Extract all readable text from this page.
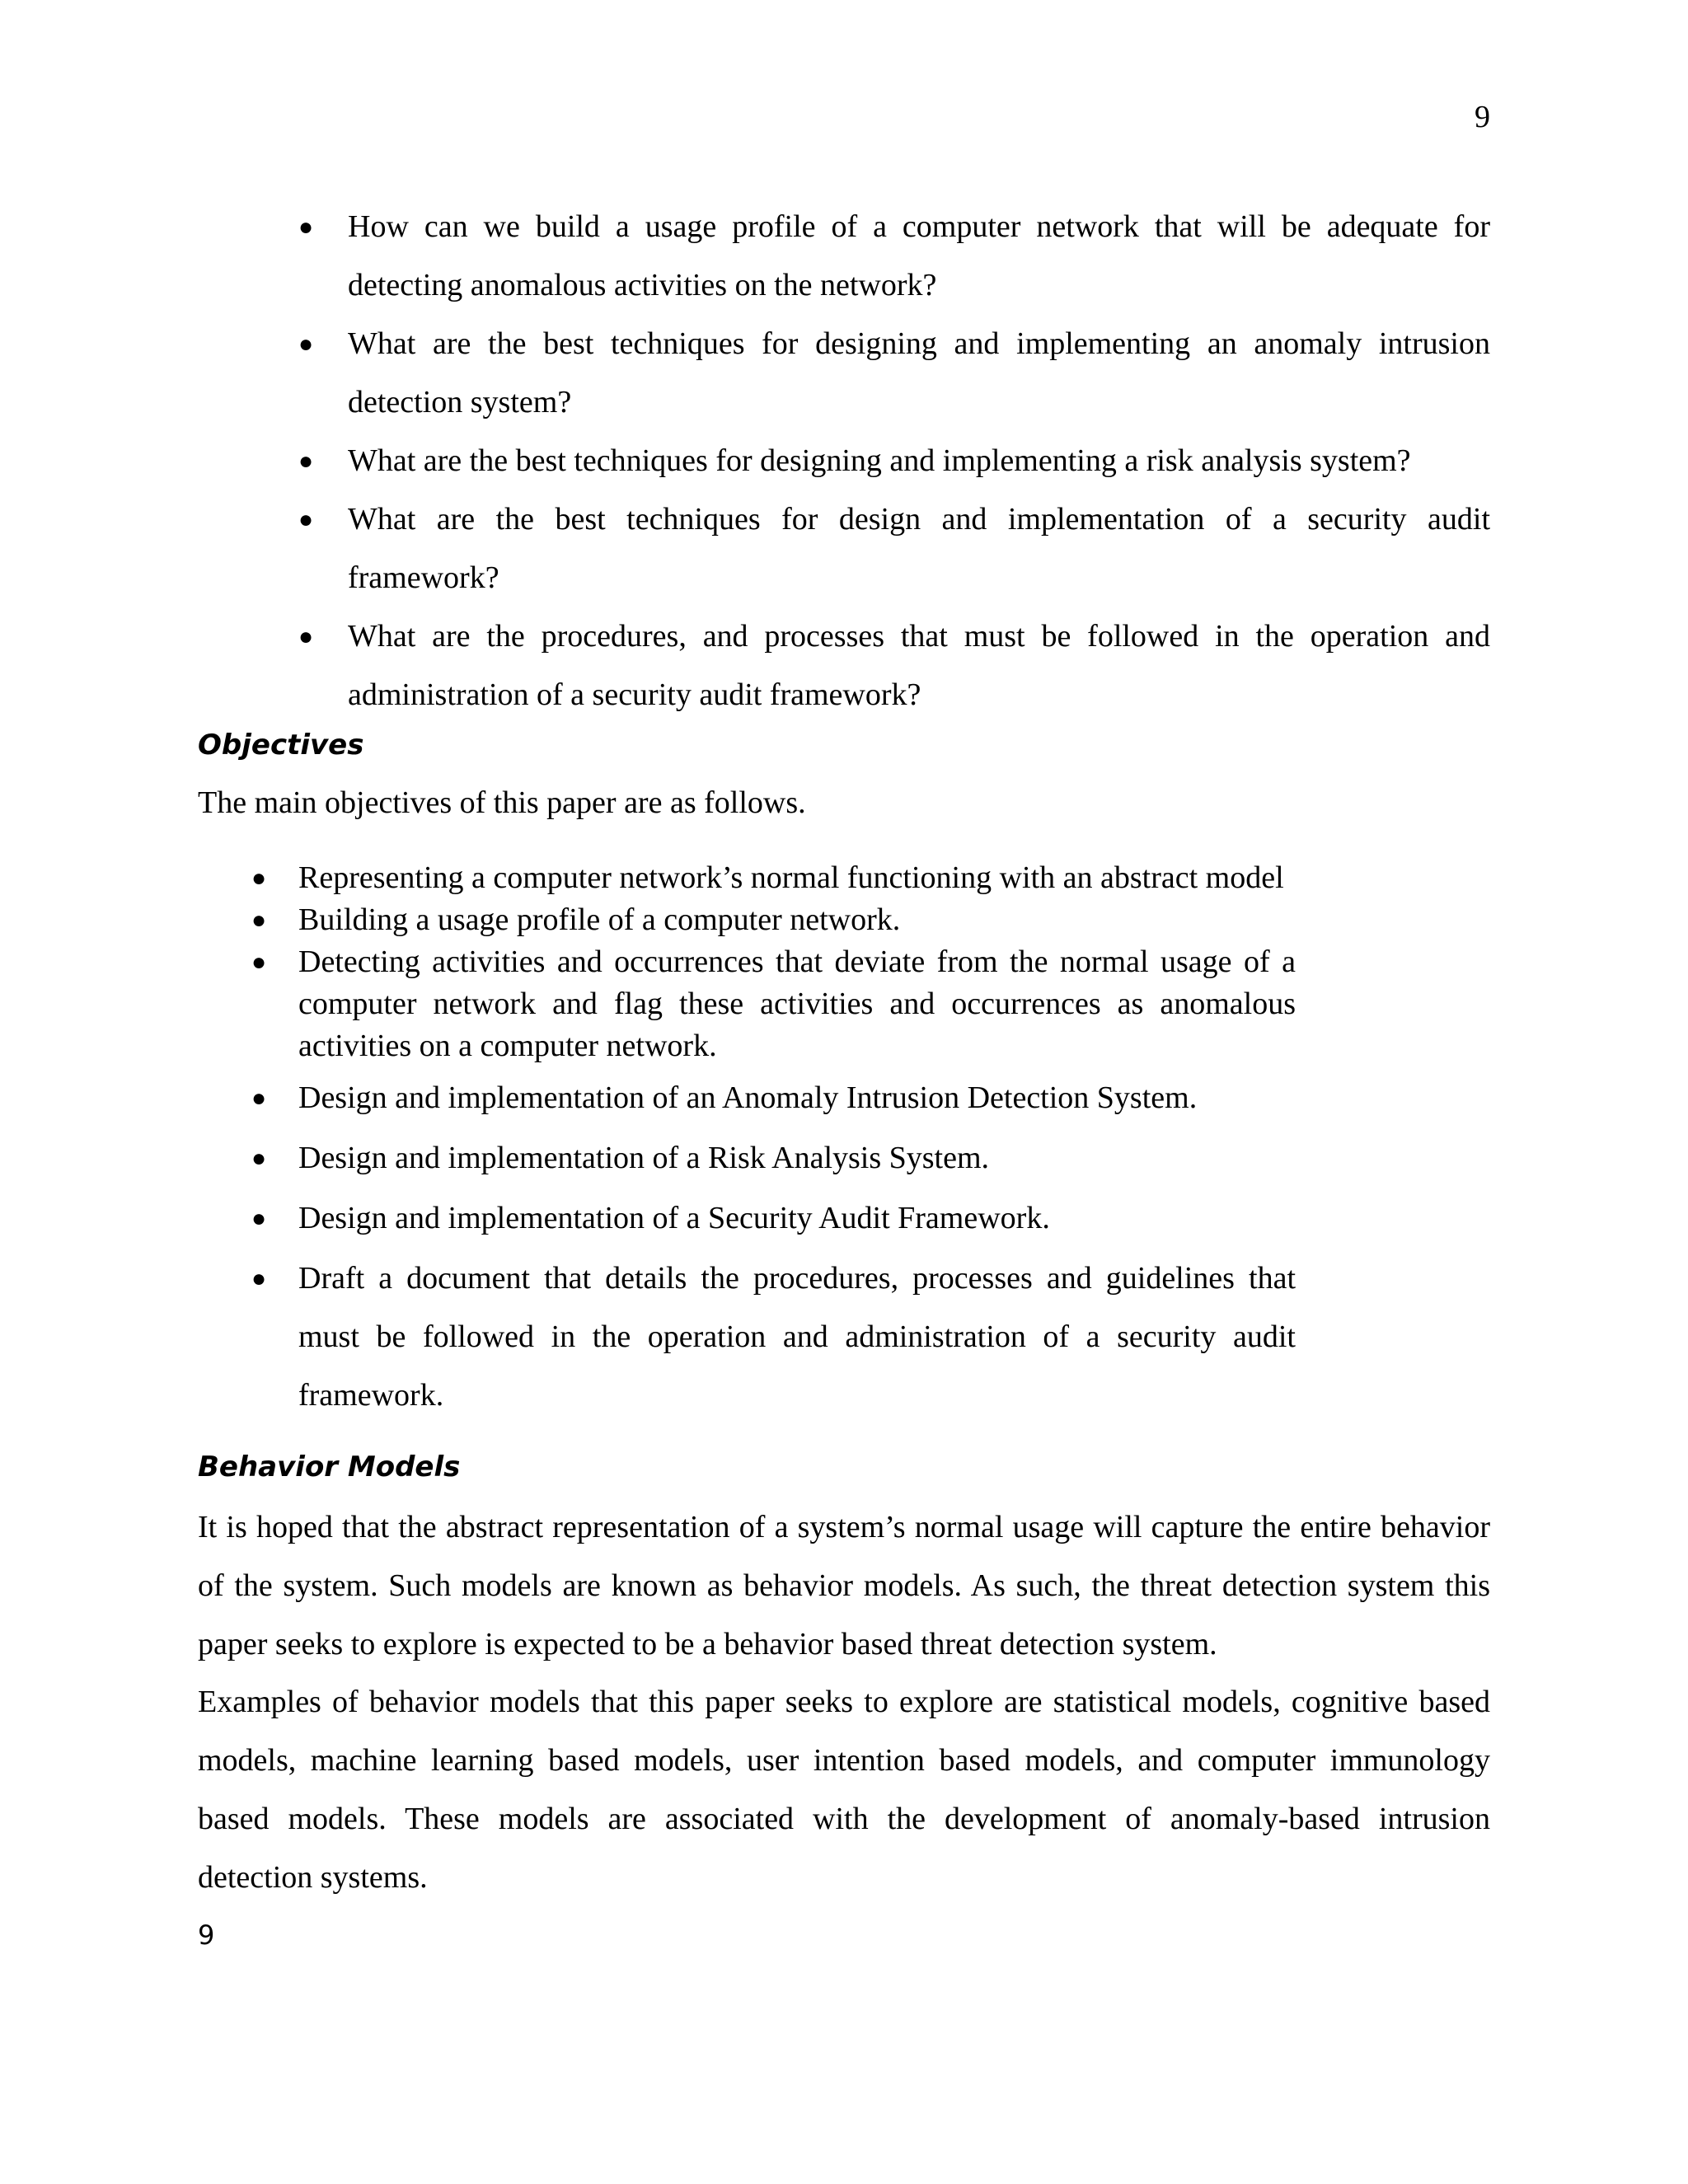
9
● How can we build a usage profile of a computer network that will be adequate for detecting anomalous activities on the network?
● What are the best techniques for designing and implementing an anomaly intrusion detection system?
● What are the best techniques for designing and implementing a risk analysis system?
● What are the best techniques for design and implementation of a security audit framework?
● What are the procedures, and processes that must be followed in the operation and administration of a security audit framework?
Objectives
The main objectives of this paper are as follows.
● Representing a computer network’s normal functioning with an abstract model
● Building a usage profile of a computer network.
● Detecting activities and occurrences that deviate from the normal usage of a computer network and flag these activities and occurrences as anomalous activities on a computer network.
● Design and implementation of an Anomaly Intrusion Detection System.
● Design and implementation of a Risk Analysis System.
● Design and implementation of a Security Audit Framework.
● Draft a document that details the procedures, processes and guidelines that must be followed in the operation and administration of a security audit framework.
Behavior Models

It is hoped that the abstract representation of a system’s normal usage will capture the entire behavior of the system. Such models are known as behavior models. As such, the threat detection system this paper seeks to explore is expected to be a behavior based threat detection system.

Examples of behavior models that this paper seeks to explore are statistical models, cognitive based models, machine learning based models, user intention based models, and computer immunology based models. These models are associated with the development of anomaly-based intrusion detection systems.

9
